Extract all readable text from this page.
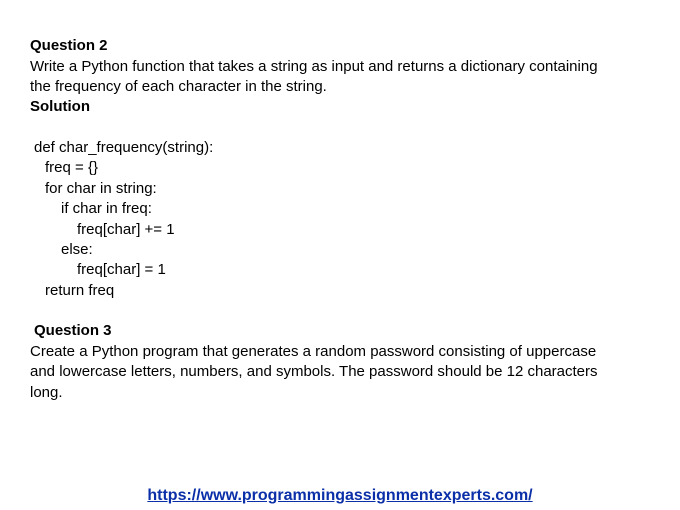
Question 2
Write a Python function that takes a string as input and returns a dictionary containing
the frequency of each character in the string.
Solution
def char_frequency(string):
freq = {}
for char in string:
if char in freq:
freq[char] += 1
else:
freq[char] = 1
return freq
Question 3
Create a Python program that generates a random password consisting of uppercase
and lowercase letters, numbers, and symbols. The password should be 12 characters
long.
https://www.programmingassignmentexperts.com/
